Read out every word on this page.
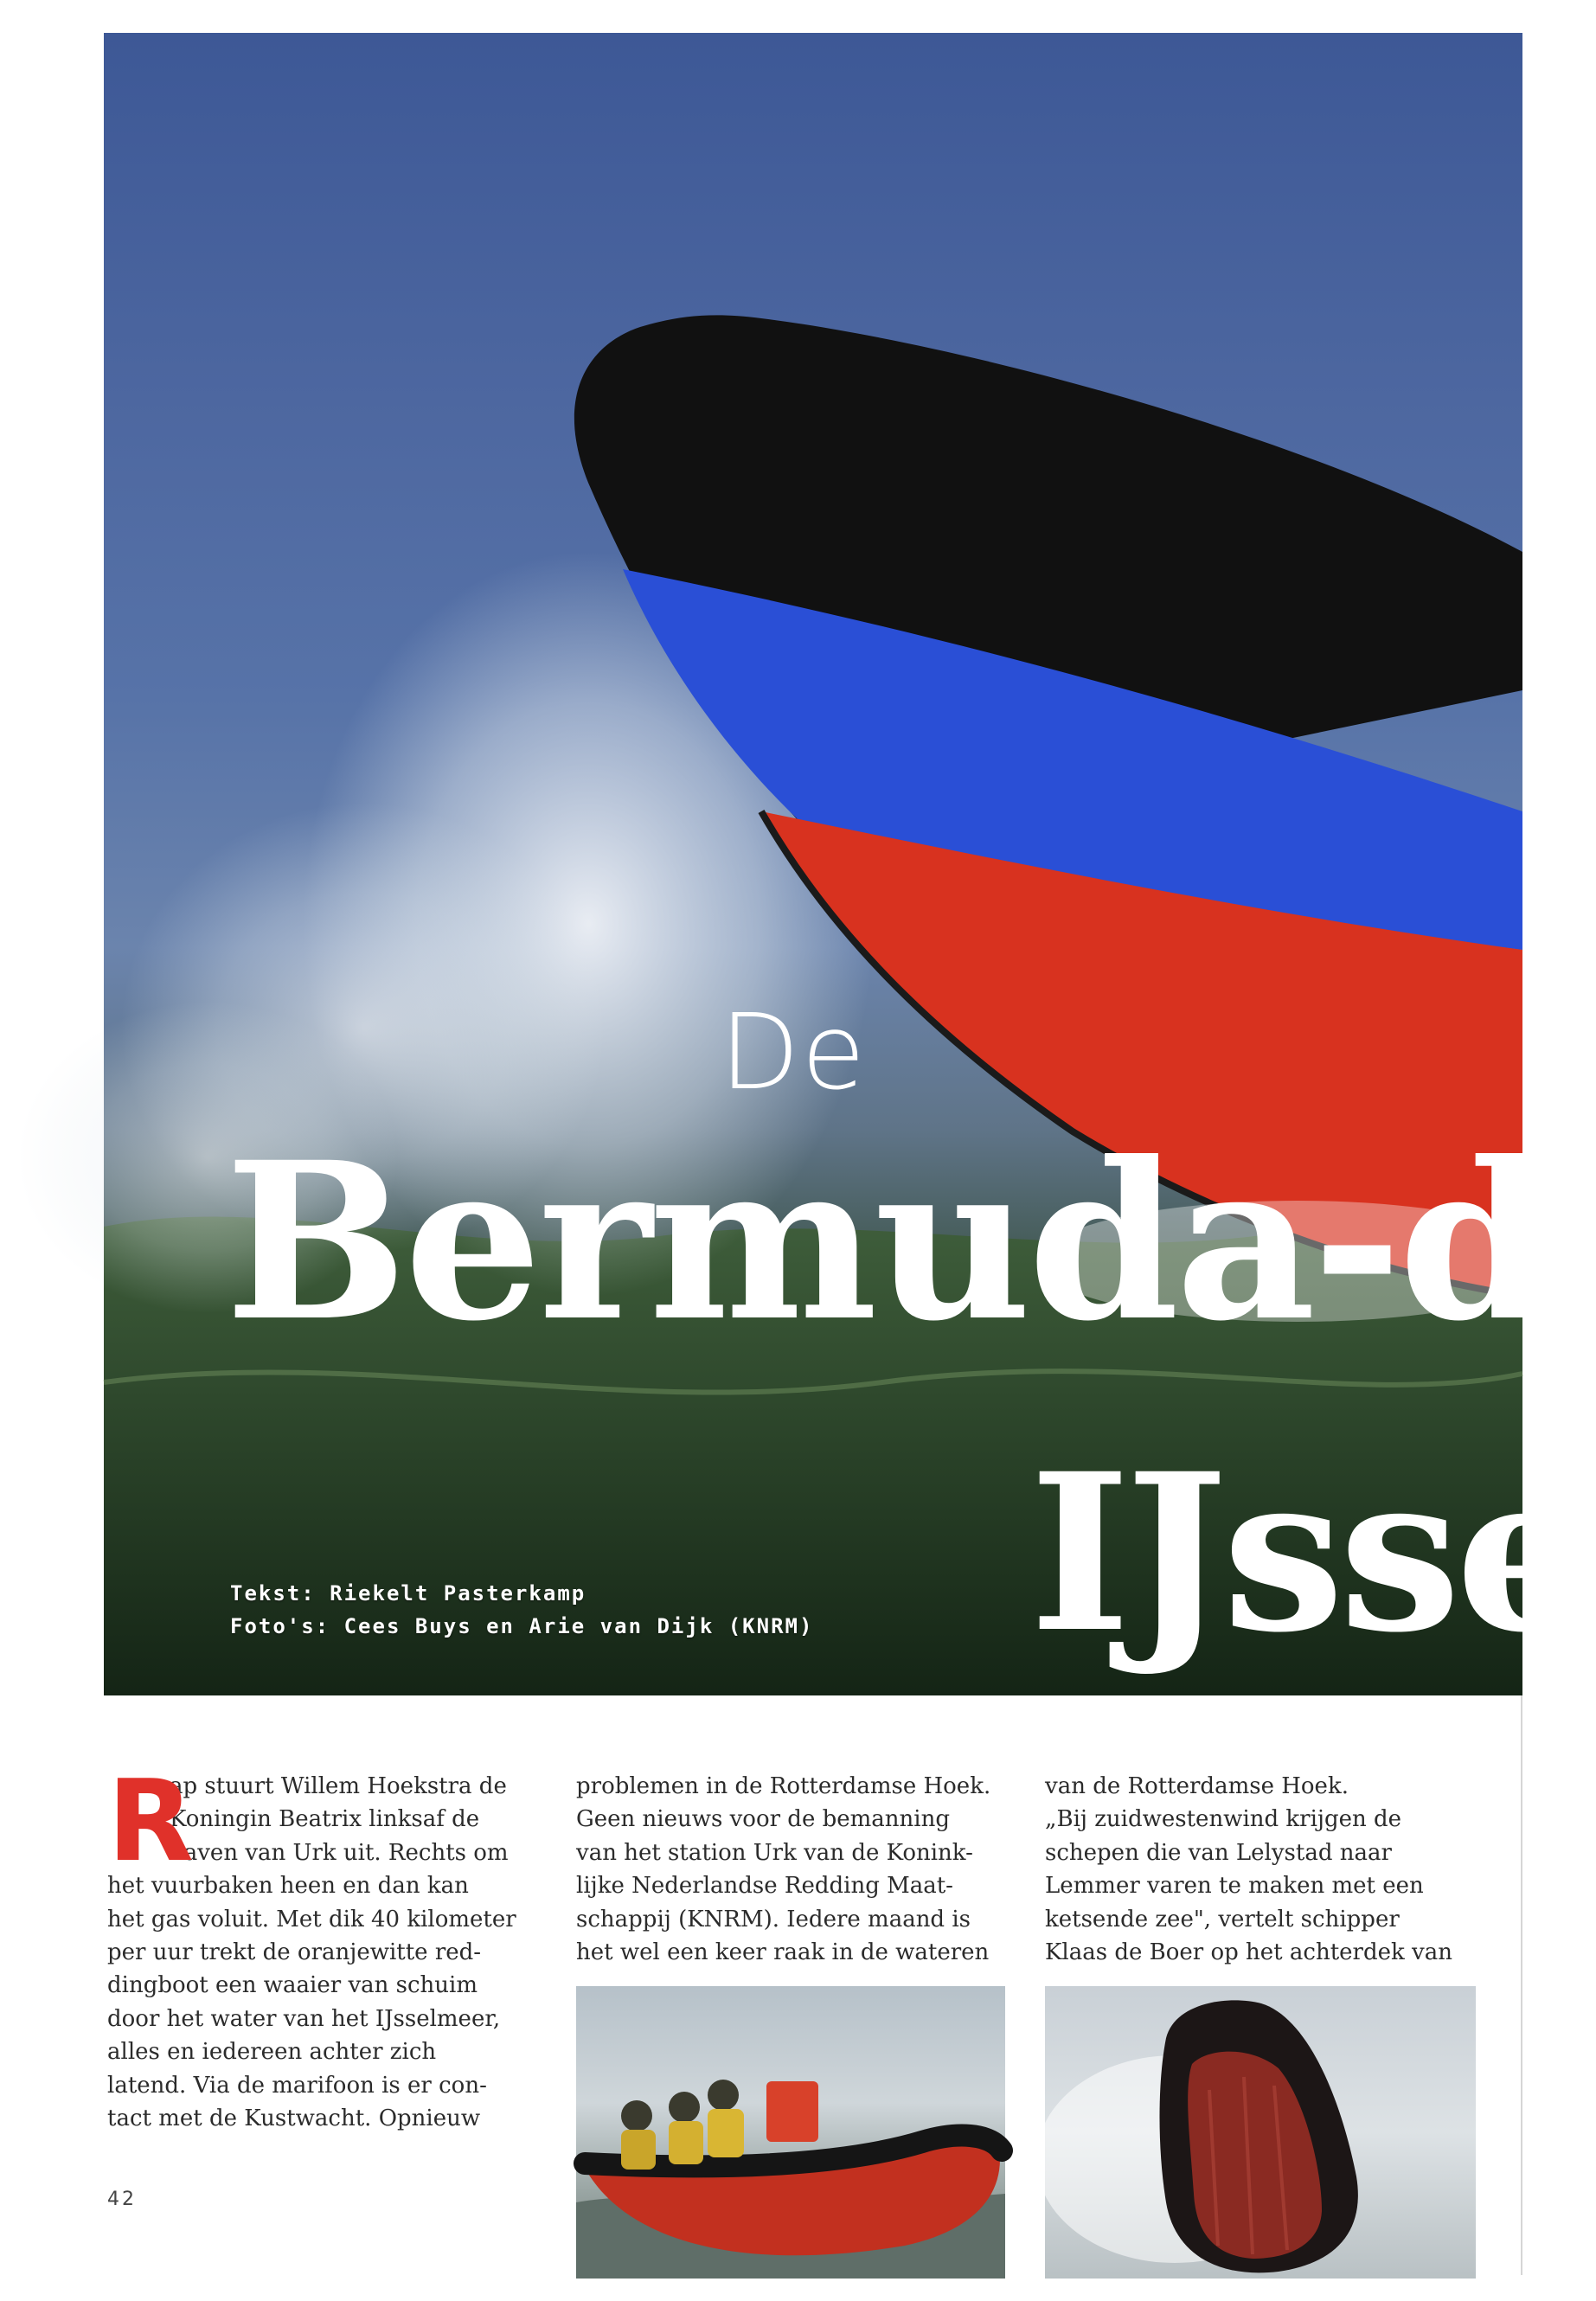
De
Bermuda-d
IJsse
Tekst: Riekelt Pasterkamp
Foto's: Cees Buys en Arie van Dijk (KNRM)
R
ap stuurt Willem Hoekstra de
Koningin Beatrix linksaf de
haven van Urk uit. Rechts om
het vuurbaken heen en dan kan
het gas voluit. Met dik 40 kilometer
per uur trekt de oranjewitte red-
dingboot een waaier van schuim
door het water van het IJsselmeer,
alles en iedereen achter zich
latend. Via de marifoon is er con-
tact met de Kustwacht. Opnieuw
problemen in de Rotterdamse Hoek.
Geen nieuws voor de bemanning
van het station Urk van de Konink-
lijke Nederlandse Redding Maat-
schappij (KNRM). Iedere maand is
het wel een keer raak in de wateren
van de Rotterdamse Hoek.
„Bij zuidwestenwind krijgen de
schepen die van Lelystad naar
Lemmer varen te maken met een
ketsende zee", vertelt schipper
Klaas de Boer op het achterdek van
42
